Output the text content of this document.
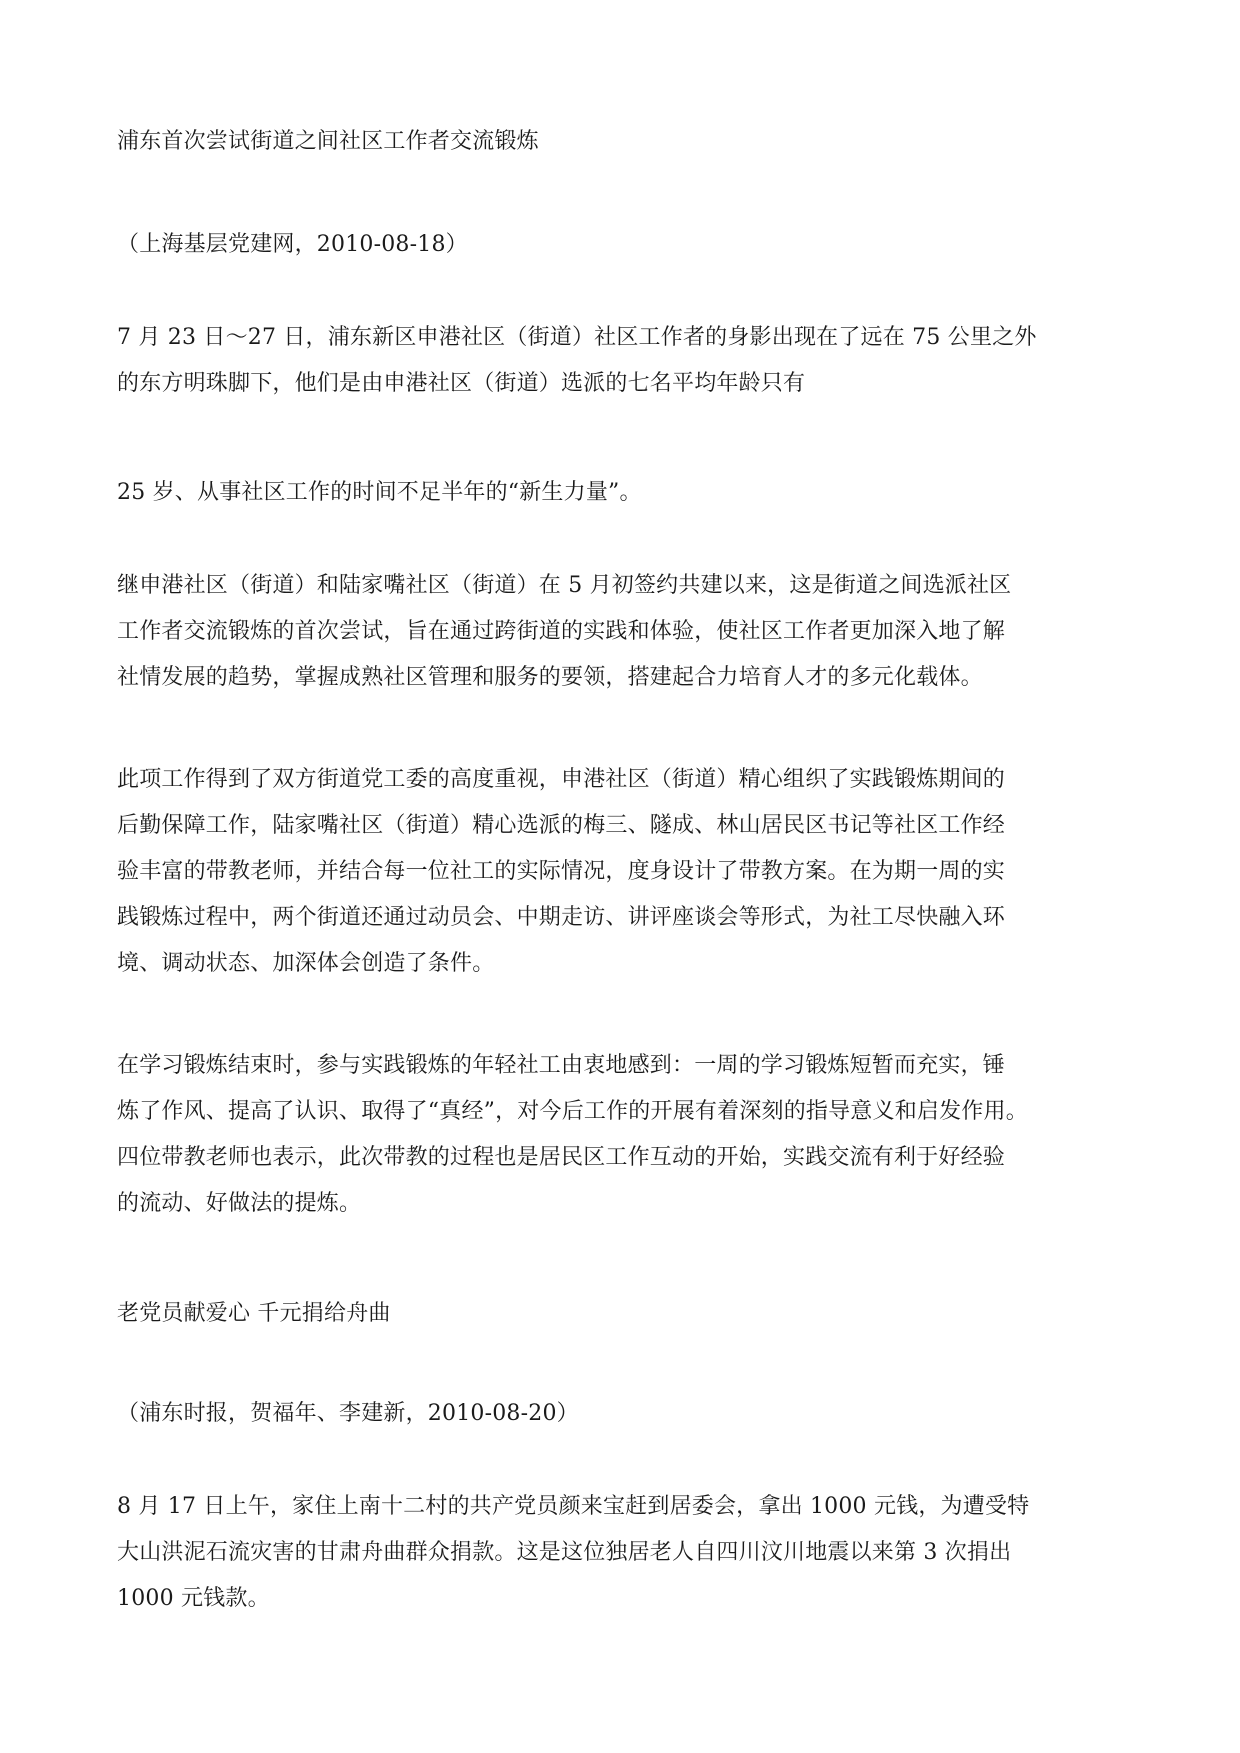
浦东首次尝试街道之间社区工作者交流锻炼
（上海基层党建网，2010-08-18）
7 月 23 日～27 日，浦东新区申港社区（街道）社区工作者的身影出现在了远在 75 公里之外
的东方明珠脚下，他们是由申港社区（街道）选派的七名平均年龄只有
25 岁、从事社区工作的时间不足半年的“新生力量”。
继申港社区（街道）和陆家嘴社区（街道）在 5 月初签约共建以来，这是街道之间选派社区
工作者交流锻炼的首次尝试，旨在通过跨街道的实践和体验，使社区工作者更加深入地了解
社情发展的趋势，掌握成熟社区管理和服务的要领，搭建起合力培育人才的多元化载体。
此项工作得到了双方街道党工委的高度重视，申港社区（街道）精心组织了实践锻炼期间的
后勤保障工作，陆家嘴社区（街道）精心选派的梅三、隧成、林山居民区书记等社区工作经
验丰富的带教老师，并结合每一位社工的实际情况，度身设计了带教方案。在为期一周的实
践锻炼过程中，两个街道还通过动员会、中期走访、讲评座谈会等形式，为社工尽快融入环
境、调动状态、加深体会创造了条件。
在学习锻炼结束时，参与实践锻炼的年轻社工由衷地感到：一周的学习锻炼短暂而充实，锤
炼了作风、提高了认识、取得了“真经”，对今后工作的开展有着深刻的指导意义和启发作用。
四位带教老师也表示，此次带教的过程也是居民区工作互动的开始，实践交流有利于好经验
的流动、好做法的提炼。
老党员献爱心 千元捐给舟曲
（浦东时报，贺福年、李建新，2010-08-20）
8 月 17 日上午，家住上南十二村的共产党员颜来宝赶到居委会，拿出 1000 元钱，为遭受特
大山洪泥石流灾害的甘肃舟曲群众捐款。这是这位独居老人自四川汶川地震以来第 3 次捐出
1000 元钱款。
